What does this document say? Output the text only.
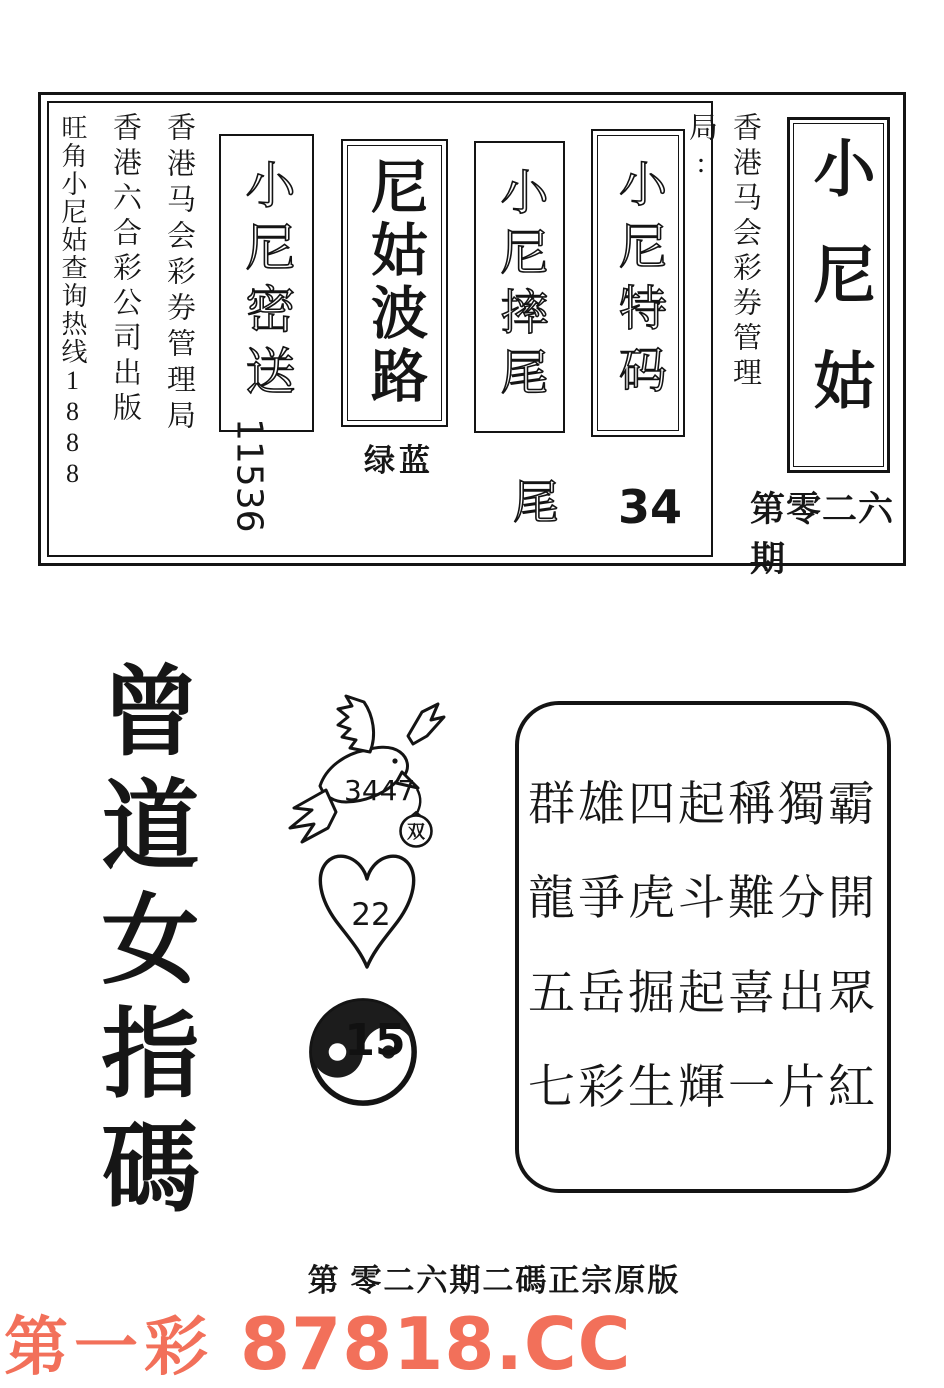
旺角小尼姑查询热线1888 香港六合彩公司出版 香港马会彩券管理局 小尼密送
11536
尼姑波路
绿蓝
小尼摔尾
尾
小尼特码
34
香港马会彩券管理局:	小尼姑
第零二六期
曾道女指碼	双
3447
22
15
群雄四起稱獨霸
龍爭虎斗難分開
五岳掘起喜出眾
七彩生輝一片紅
第 零二六期二碼正宗原版
第一彩 87818.CC
